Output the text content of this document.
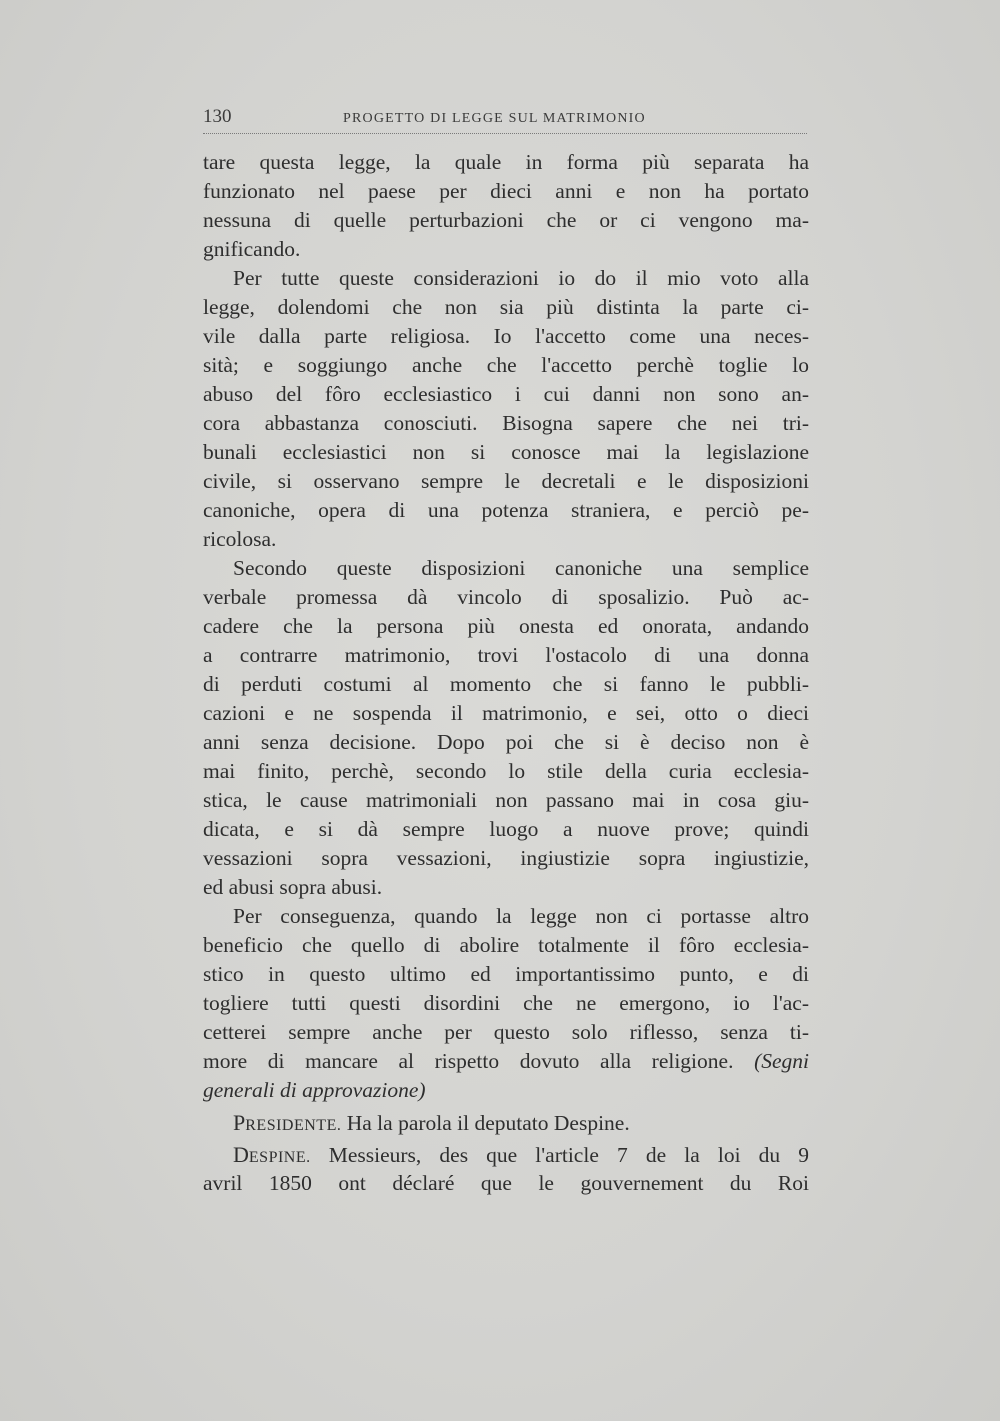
130	PROGETTO DI LEGGE SUL MATRIMONIO
tare questa legge, la quale in forma più separata ha
funzionato nel paese per dieci anni e non ha portato
nessuna di quelle perturbazioni che or ci vengono ma-
gnificando.
Per tutte queste considerazioni io do il mio voto alla
legge, dolendomi che non sia più distinta la parte ci-
vile dalla parte religiosa. Io l'accetto come una neces-
sità; e soggiungo anche che l'accetto perchè toglie lo
abuso del fôro ecclesiastico i cui danni non sono an-
cora abbastanza conosciuti. Bisogna sapere che nei tri-
bunali ecclesiastici non si conosce mai la legislazione
civile, si osservano sempre le decretali e le disposizioni
canoniche, opera di una potenza straniera, e perciò pe-
ricolosa.
Secondo queste disposizioni canoniche una semplice
verbale promessa dà vincolo di sposalizio. Può ac-
cadere che la persona più onesta ed onorata, andando
a contrarre matrimonio, trovi l'ostacolo di una donna
di perduti costumi al momento che si fanno le pubbli-
cazioni e ne sospenda il matrimonio, e sei, otto o dieci
anni senza decisione. Dopo poi che si è deciso non è
mai finito, perchè, secondo lo stile della curia ecclesia-
stica, le cause matrimoniali non passano mai in cosa giu-
dicata, e si dà sempre luogo a nuove prove; quindi
vessazioni sopra vessazioni, ingiustizie sopra ingiustizie,
ed abusi sopra abusi.
Per conseguenza, quando la legge non ci portasse altro
beneficio che quello di abolire totalmente il fôro ecclesia-
stico in questo ultimo ed importantissimo punto, e di
togliere tutti questi disordini che ne emergono, io l'ac-
cetterei sempre anche per questo solo riflesso, senza ti-
more di mancare al rispetto dovuto alla religione. (Segni
generali di approvazione)
PRESIDENTE. Ha la parola il deputato Despine.
DESPINE. Messieurs, des que l'article 7 de la loi du 9
avril 1850 ont déclaré que le gouvernement du Roi
